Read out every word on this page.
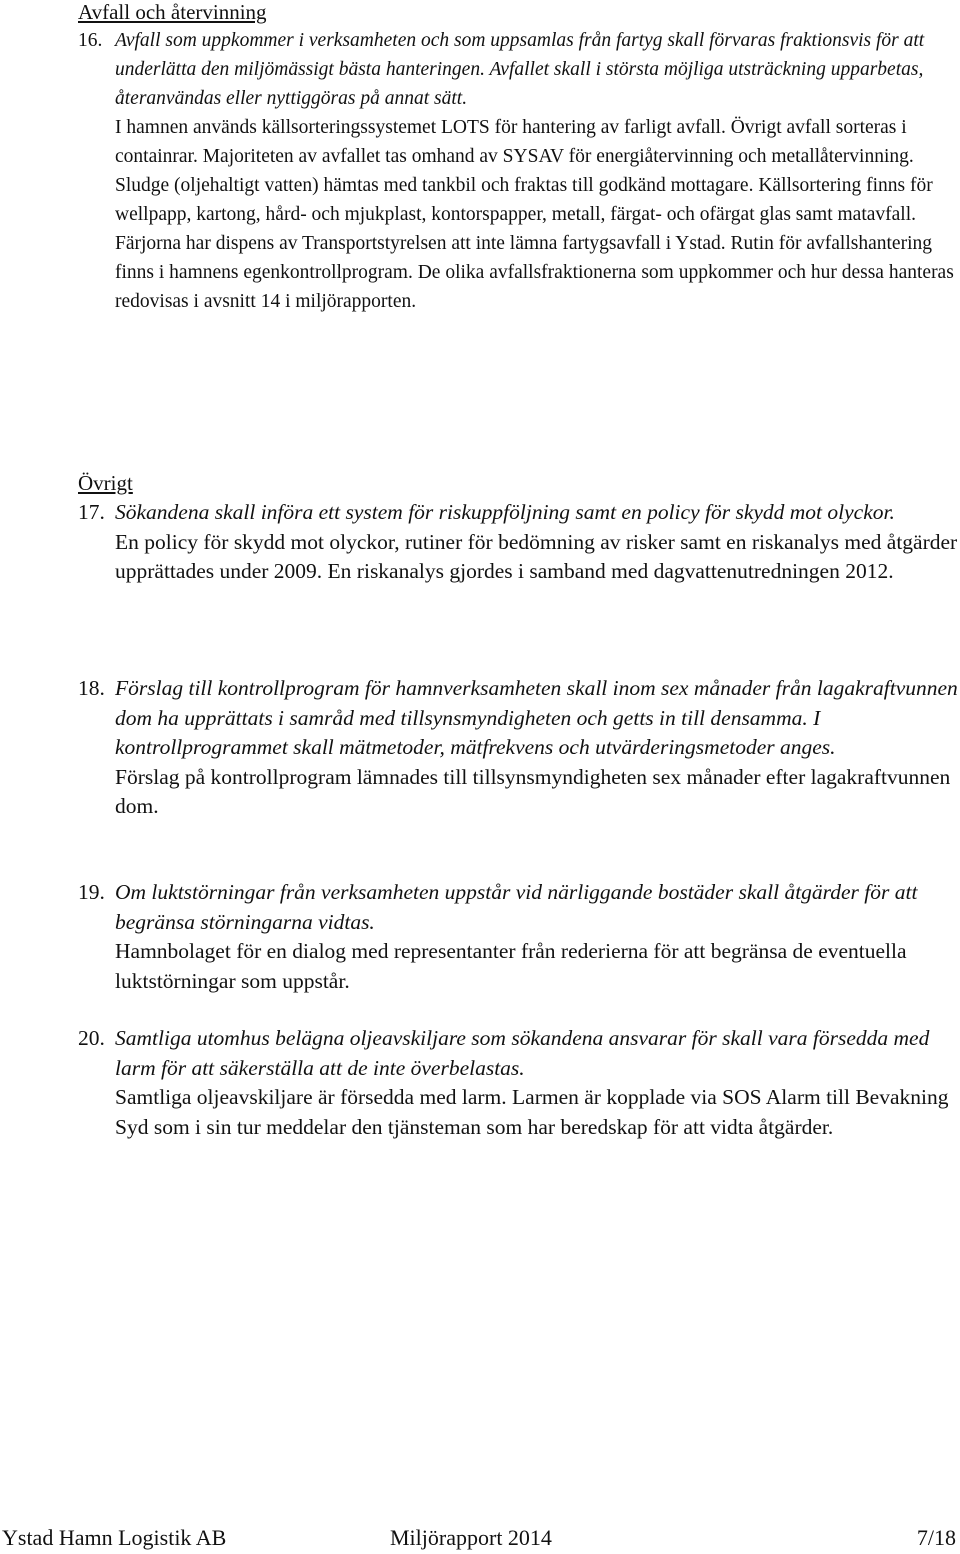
Avfall och återvinning
16. Avfall som uppkommer i verksamheten och som uppsamlas från fartyg skall förvaras fraktionsvis för att underlätta den miljömässigt bästa hanteringen. Avfallet skall i största möjliga utsträckning upparbetas, återanvändas eller nyttiggöras på annat sätt.

I hamnen används källsorteringssystemet LOTS för hantering av farligt avfall. Övrigt avfall sorteras i containrar. Majoriteten av avfallet tas omhand av SYSAV för energiåtervinning och metallåtervinning. Sludge (oljehaltigt vatten) hämtas med tankbil och fraktas till godkänd mottagare. Källsortering finns för wellpapp, kartong, hård- och mjukplast, kontorspapper, metall, färgat- och ofärgat glas samt matavfall. Färjorna har dispens av Transportstyrelsen att inte lämna fartygsavfall i Ystad. Rutin för avfallshantering finns i hamnens egenkontrollprogram. De olika avfallsfraktionerna som uppkommer och hur dessa hanteras redovisas i avsnitt 14 i miljörapporten.

Övrigt
17. Sökandena skall införa ett system för riskuppföljning samt en policy för skydd mot olyckor.

En policy för skydd mot olyckor, rutiner för bedömning av risker samt en riskanalys med åtgärder upprättades under 2009. En riskanalys gjordes i samband med dagvattenutredningen 2012.

18. Förslag till kontrollprogram för hamnverksamheten skall inom sex månader från lagakraftvunnen dom ha upprättats i samråd med tillsynsmyndigheten och getts in till densamma. I kontrollprogrammet skall mätmetoder, mätfrekvens och utvärderingsmetoder anges.

Förslag på kontrollprogram lämnades till tillsynsmyndigheten sex månader efter lagakraftvunnen dom.

19. Om luktstörningar från verksamheten uppstår vid närliggande bostäder skall åtgärder för att begränsa störningarna vidtas.

Hamnbolaget för en dialog med representanter från rederierna för att begränsa de eventuella luktstörningar som uppstår.

20. Samtliga utomhus belägna oljeavskiljare som sökandena ansvarar för skall vara försedda med larm för att säkerställa att de inte överbelastas.

Samtliga oljeavskiljare är försedda med larm. Larmen är kopplade via SOS Alarm till Bevakning Syd som i sin tur meddelar den tjänsteman som har beredskap för att vidta åtgärder.

Ystad Hamn Logistik AB	Miljörapport 2014	7/18
